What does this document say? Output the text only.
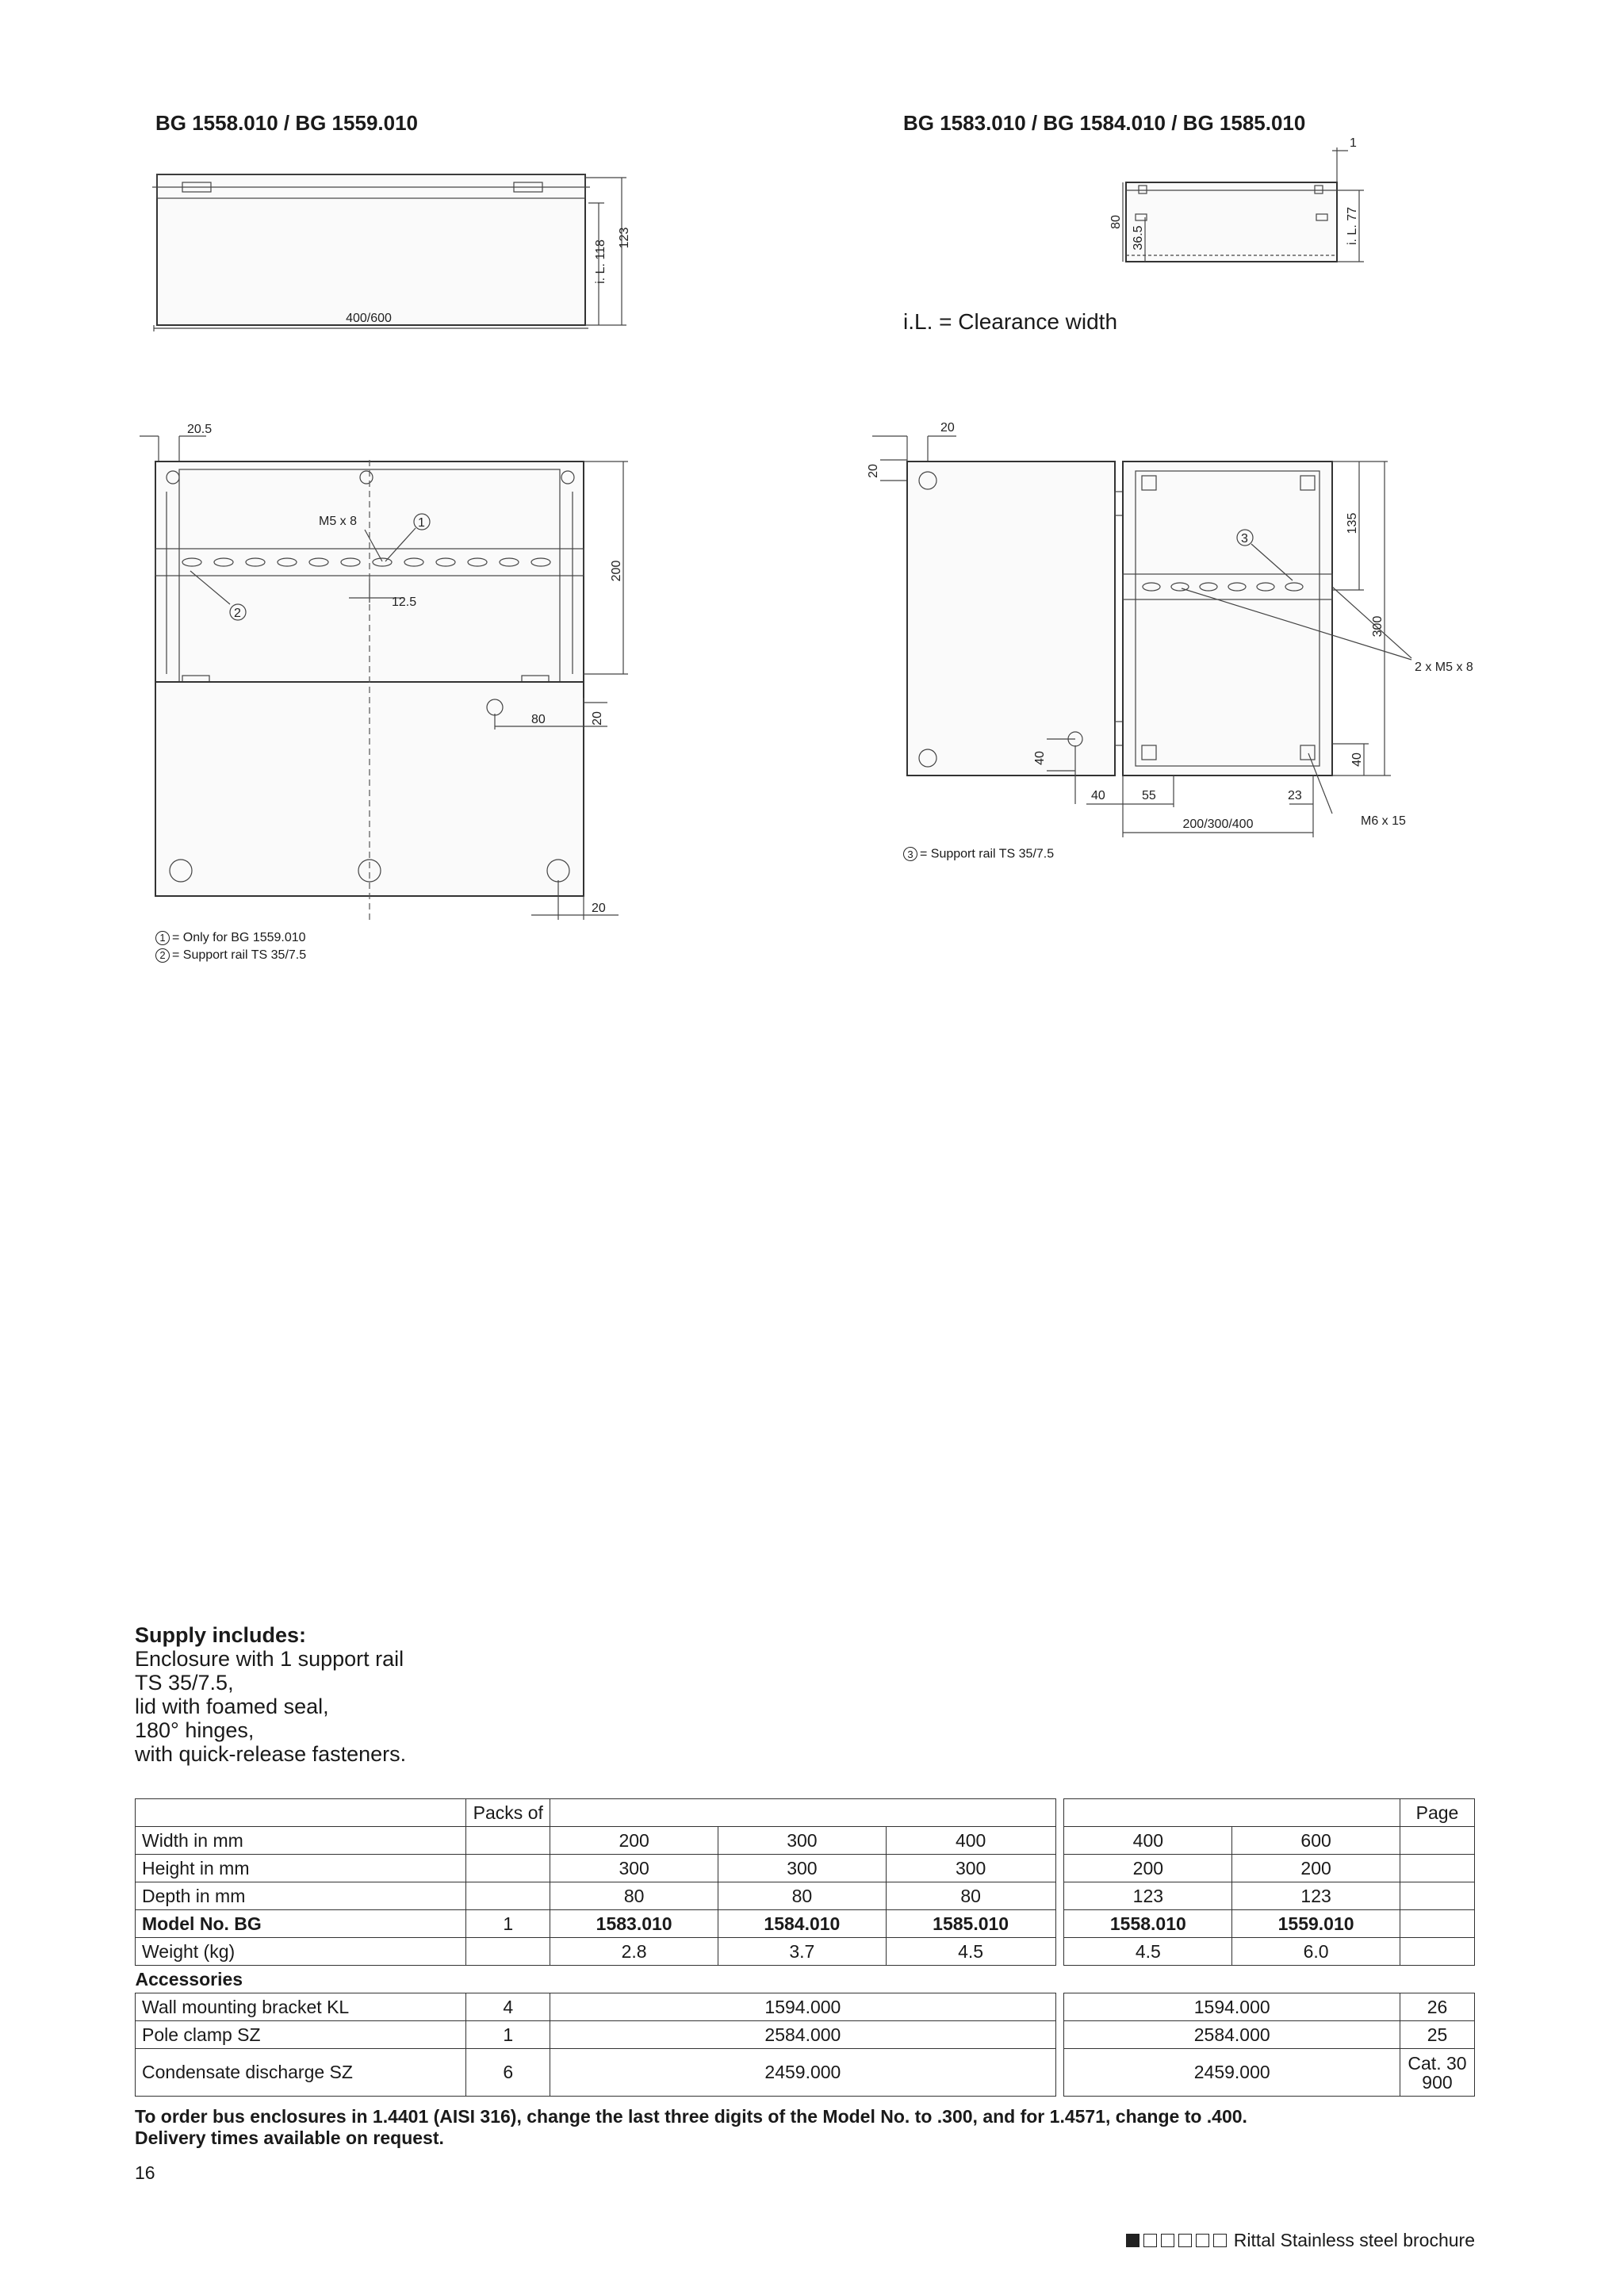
BG 1558.010 / BG 1559.010	BG 1583.010 / BG 1584.010 / BG 1585.010
i.L. = Clearance width
i. L. 118
123
400/600
1
80
36.5	i. L. 77
20.5
M5 x 8	1
2
12.5
200
80	20
20
1 = Only for BG 1559.010
2 = Support rail TS 35/7.5
20
20
40
3
2 x M5 x 8
135
300
40
40	55	23
200/300/400	M6 x 15
3 = Support rail TS 35/7.5
Supply includes:
Enclosure with 1 support rail
TS 35/7.5,
lid with foamed seal,
180° hinges,
with quick-release fasteners.
	Packs of							Page
Width in mm		200	300	400		400	600	
Height in mm		300	300	300		200	200	
Depth in mm		80	80	80		123	123	
Model No. BG	1	1583.010	1584.010	1585.010		1558.010	1559.010	
Weight (kg)		2.8	3.7	4.5		4.5	6.0	
Accessories								
Wall mounting bracket KL	4	1594.000				1594.000		26
Pole clamp SZ	1	2584.000				2584.000		25
Condensate discharge SZ	6	2459.000				2459.000		Cat. 30
900
To order bus enclosures in 1.4401 (AISI 316), change the last three digits of the Model No. to .300, and for 1.4571, change to .400.
Delivery times available on request.
16
Rittal Stainless steel brochure
